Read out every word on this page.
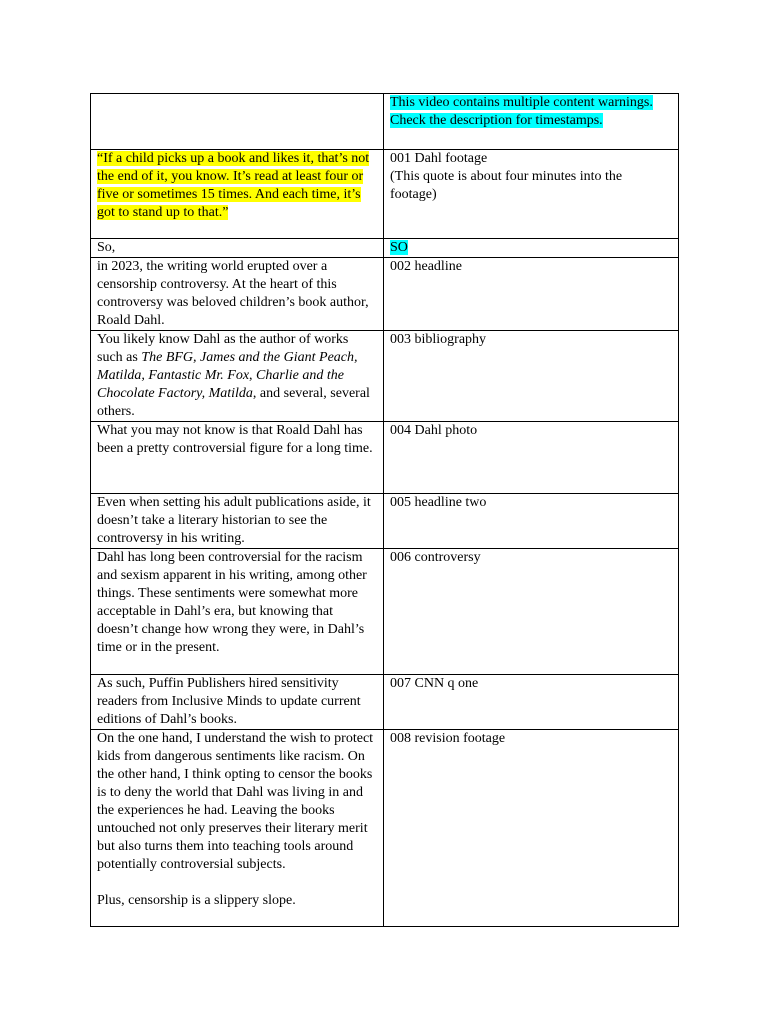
	This video contains multiple content warnings. Check the description for timestamps.
“If a child picks up a book and likes it, that’s not the end of it, you know. It’s read at least four or five or sometimes 15 times. And each time, it’s got to stand up to that.”	001 Dahl footage
(This quote is about four minutes into the footage)

So,	SO
in 2023, the writing world erupted over a censorship controversy. At the heart of this controversy was beloved children’s book author, Roald Dahl.	002 headline
You likely know Dahl as the author of works such as The BFG, James and the Giant Peach, Matilda, Fantastic Mr. Fox, Charlie and the Chocolate Factory, Matilda, and several, several others.	003 bibliography
What you may not know is that Roald Dahl has been a pretty controversial figure for a long time.	004 Dahl photo
Even when setting his adult publications aside, it doesn’t take a literary historian to see the controversy in his writing.	005 headline two
Dahl has long been controversial for the racism and sexism apparent in his writing, among other things. These sentiments were somewhat more acceptable in Dahl’s era, but knowing that doesn’t change how wrong they were, in Dahl’s time or in the present.	006 controversy
As such, Puffin Publishers hired sensitivity readers from Inclusive Minds to update current editions of Dahl’s books.	007 CNN q one

On the one hand, I understand the wish to protect kids from dangerous sentiments like racism. On the other hand, I think opting to censor the books is to deny the world that Dahl was living in and the experiences he had. Leaving the books untouched not only preserves their literary merit but also turns them into teaching tools around potentially controversial subjects.
Plus, censorship is a slippery slope.	008 revision footage
